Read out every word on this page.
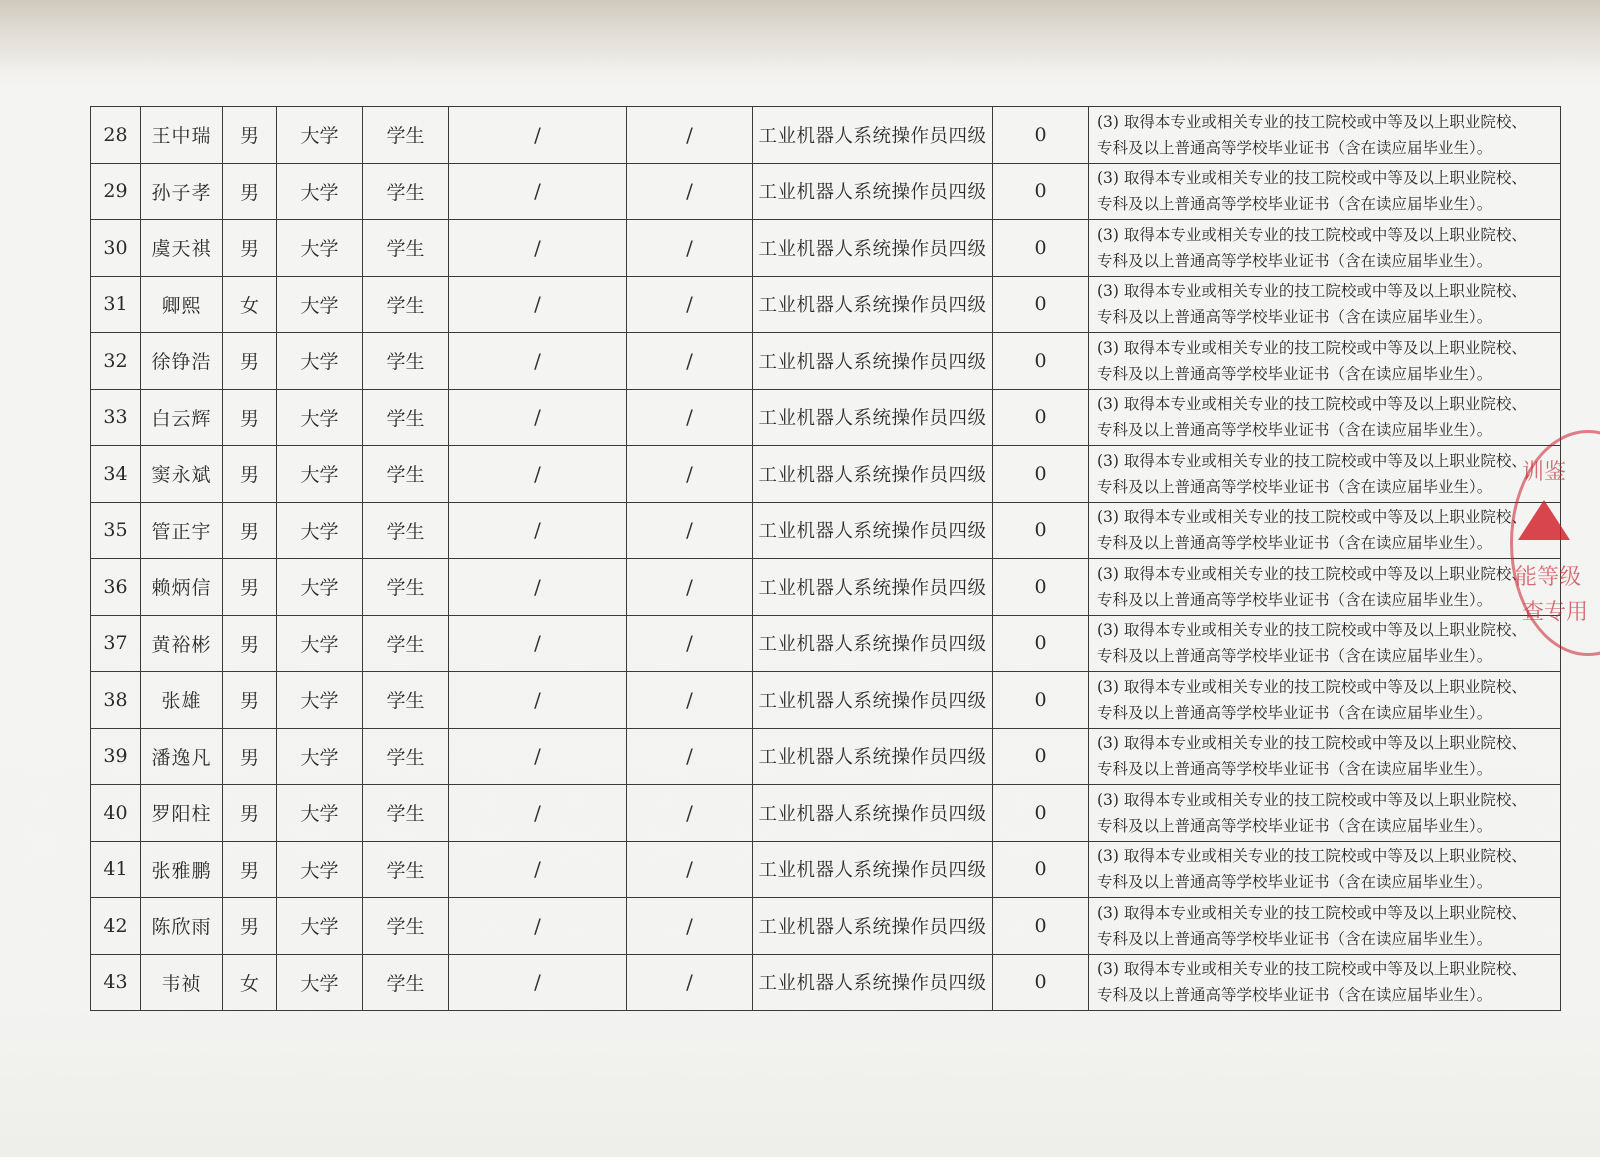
28	王中瑞	男	大学	学生	/	/	工业机器人系统操作员四级	0	(3) 取得本专业或相关专业的技工院校或中等及以上职业院校、
专科及以上普通高等学校毕业证书（含在读应届毕业生）。

29	孙子孝	男	大学	学生	/	/	工业机器人系统操作员四级	0	(3) 取得本专业或相关专业的技工院校或中等及以上职业院校、
专科及以上普通高等学校毕业证书（含在读应届毕业生）。

30	虞天祺	男	大学	学生	/	/	工业机器人系统操作员四级	0	(3) 取得本专业或相关专业的技工院校或中等及以上职业院校、
专科及以上普通高等学校毕业证书（含在读应届毕业生）。

31	卿熙	女	大学	学生	/	/	工业机器人系统操作员四级	0	(3) 取得本专业或相关专业的技工院校或中等及以上职业院校、
专科及以上普通高等学校毕业证书（含在读应届毕业生）。

32	徐铮浩	男	大学	学生	/	/	工业机器人系统操作员四级	0	(3) 取得本专业或相关专业的技工院校或中等及以上职业院校、
专科及以上普通高等学校毕业证书（含在读应届毕业生）。

33	白云辉	男	大学	学生	/	/	工业机器人系统操作员四级	0	(3) 取得本专业或相关专业的技工院校或中等及以上职业院校、
专科及以上普通高等学校毕业证书（含在读应届毕业生）。

34	窦永斌	男	大学	学生	/	/	工业机器人系统操作员四级	0	(3) 取得本专业或相关专业的技工院校或中等及以上职业院校、
专科及以上普通高等学校毕业证书（含在读应届毕业生）。

35	管正宇	男	大学	学生	/	/	工业机器人系统操作员四级	0	(3) 取得本专业或相关专业的技工院校或中等及以上职业院校、
专科及以上普通高等学校毕业证书（含在读应届毕业生）。

36	赖炳信	男	大学	学生	/	/	工业机器人系统操作员四级	0	(3) 取得本专业或相关专业的技工院校或中等及以上职业院校、
专科及以上普通高等学校毕业证书（含在读应届毕业生）。

37	黄裕彬	男	大学	学生	/	/	工业机器人系统操作员四级	0	(3) 取得本专业或相关专业的技工院校或中等及以上职业院校、
专科及以上普通高等学校毕业证书（含在读应届毕业生）。

38	张雄	男	大学	学生	/	/	工业机器人系统操作员四级	0	(3) 取得本专业或相关专业的技工院校或中等及以上职业院校、
专科及以上普通高等学校毕业证书（含在读应届毕业生）。

39	潘逸凡	男	大学	学生	/	/	工业机器人系统操作员四级	0	(3) 取得本专业或相关专业的技工院校或中等及以上职业院校、
专科及以上普通高等学校毕业证书（含在读应届毕业生）。

40	罗阳柱	男	大学	学生	/	/	工业机器人系统操作员四级	0	(3) 取得本专业或相关专业的技工院校或中等及以上职业院校、
专科及以上普通高等学校毕业证书（含在读应届毕业生）。

41	张雅鹏	男	大学	学生	/	/	工业机器人系统操作员四级	0	(3) 取得本专业或相关专业的技工院校或中等及以上职业院校、
专科及以上普通高等学校毕业证书（含在读应届毕业生）。

42	陈欣雨	男	大学	学生	/	/	工业机器人系统操作员四级	0	(3) 取得本专业或相关专业的技工院校或中等及以上职业院校、
专科及以上普通高等学校毕业证书（含在读应届毕业生）。

43	韦祯	女	大学	学生	/	/	工业机器人系统操作员四级	0	(3) 取得本专业或相关专业的技工院校或中等及以上职业院校、
专科及以上普通高等学校毕业证书（含在读应届毕业生）。
训鉴
能等级
查专用
